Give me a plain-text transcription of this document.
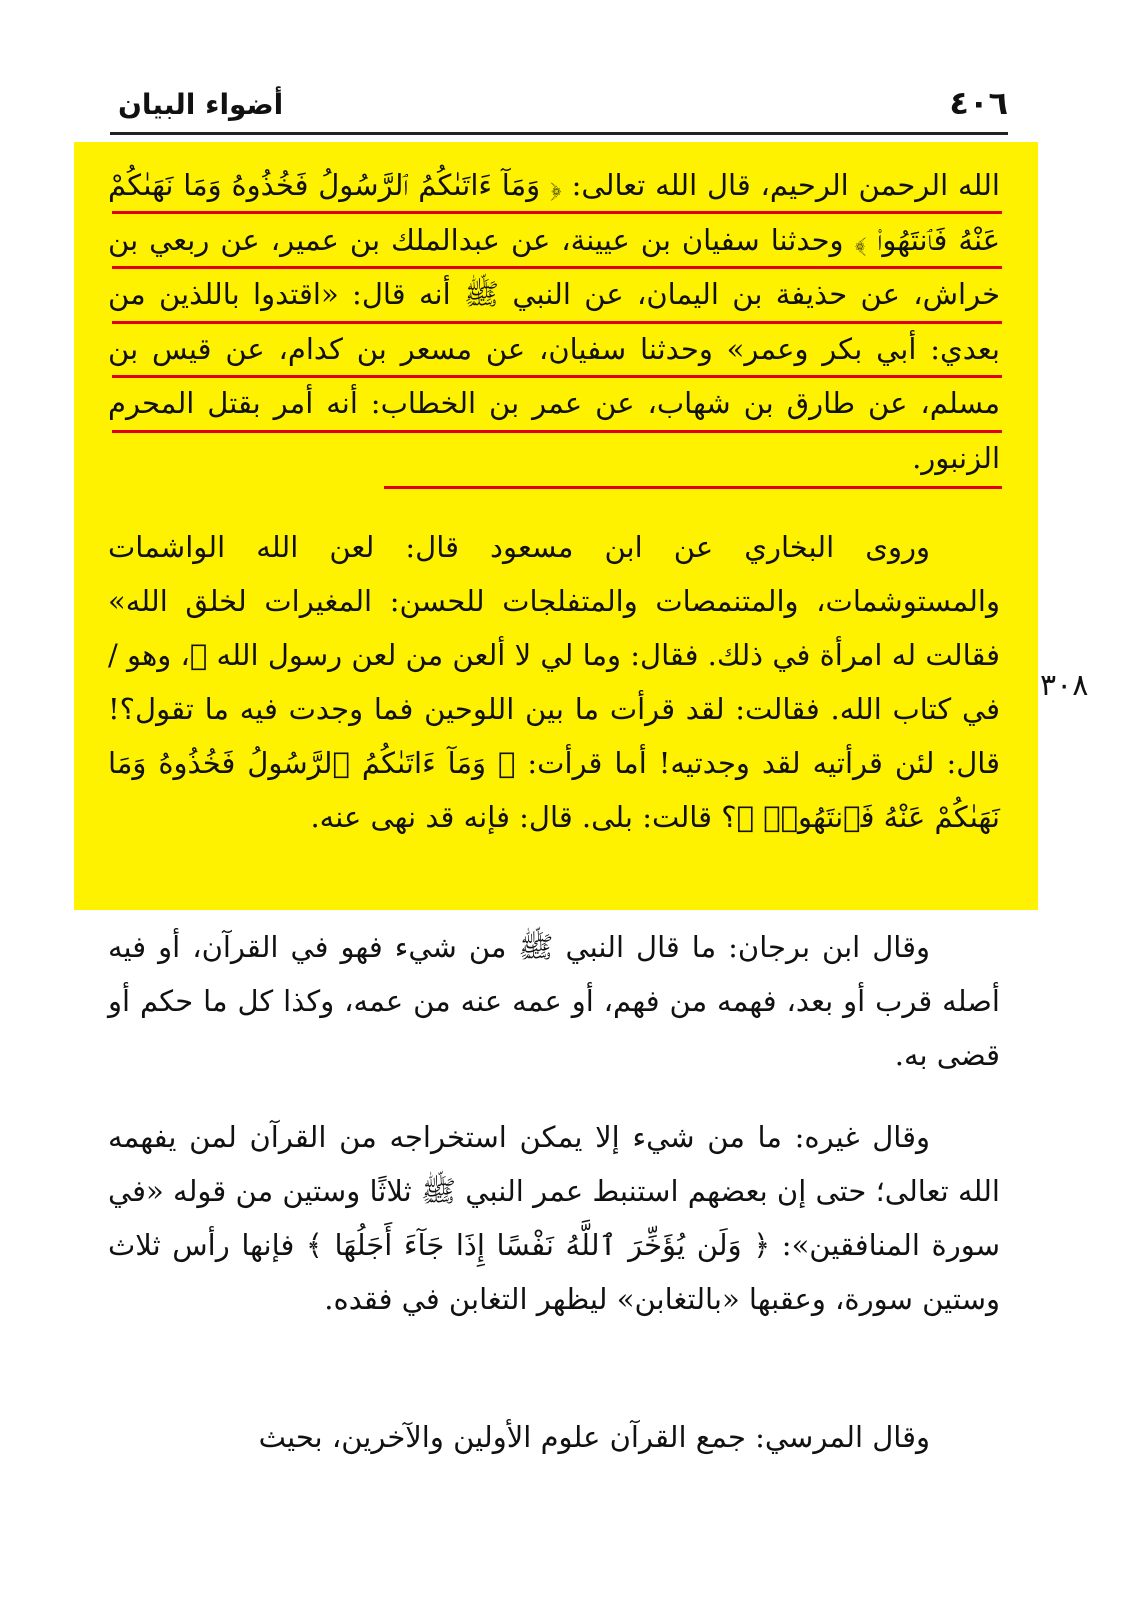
٤٠٦
أضواء البيان

الله الرحمن الرحيم، قال الله تعالى: ﴿ وَمَآ ءَاتَىٰكُمُ ٱلرَّسُولُ فَخُذُوهُ وَمَا نَهَىٰكُمْ عَنْهُ فَٱنتَهُوا۟ ﴾ وحدثنا سفيان بن عيينة، عن عبدالملك بن عمير، عن ربعي بن خراش، عن حذيفة بن اليمان، عن النبي ﷺ أنه قال: «اقتدوا باللذين من بعدي: أبي بكر وعمر» وحدثنا سفيان، عن مسعر بن كدام، عن قيس بن مسلم، عن طارق بن شهاب، عن عمر بن الخطاب: أنه أمر بقتل المحرم الزنبور.

وروى البخاري عن ابن مسعود قال: لعن الله الواشمات والمستوشمات، والمتنمصات والمتفلجات للحسن: المغيرات لخلق الله» فقالت له امرأة في ذلك. فقال: وما لي لا ألعن من لعن رسول الله ﷺ، وهو / في كتاب الله. فقالت: لقد قرأت ما بين اللوحين فما وجدت فيه ما تقول؟! قال: لئن قرأتيه لقد وجدتيه! أما قرأت: ﴿ وَمَآ ءَاتَىٰكُمُ ٱلرَّسُولُ فَخُذُوهُ وَمَا نَهَىٰكُمْ عَنْهُ فَٱنتَهُوا۟ ﴾؟ قالت: بلى. قال: فإنه قد نهى عنه.

٣٠٨

وقال ابن برجان: ما قال النبي ﷺ من شيء فهو في القرآن، أو فيه أصله قرب أو بعد، فهمه من فهم، أو عمه عنه من عمه، وكذا كل ما حكم أو قضى به.

وقال غيره: ما من شيء إلا يمكن استخراجه من القرآن لمن يفهمه الله تعالى؛ حتى إن بعضهم استنبط عمر النبي ﷺ ثلاثًا وستين من قوله «في سورة المنافقين»: ﴿ وَلَن يُؤَخِّرَ ٱللَّهُ نَفْسًا إِذَا جَآءَ أَجَلُهَا ﴾ فإنها رأس ثلاث وستين سورة، وعقبها «بالتغابن» ليظهر التغابن في فقده.

وقال المرسي: جمع القرآن علوم الأولين والآخرين، بحيث
